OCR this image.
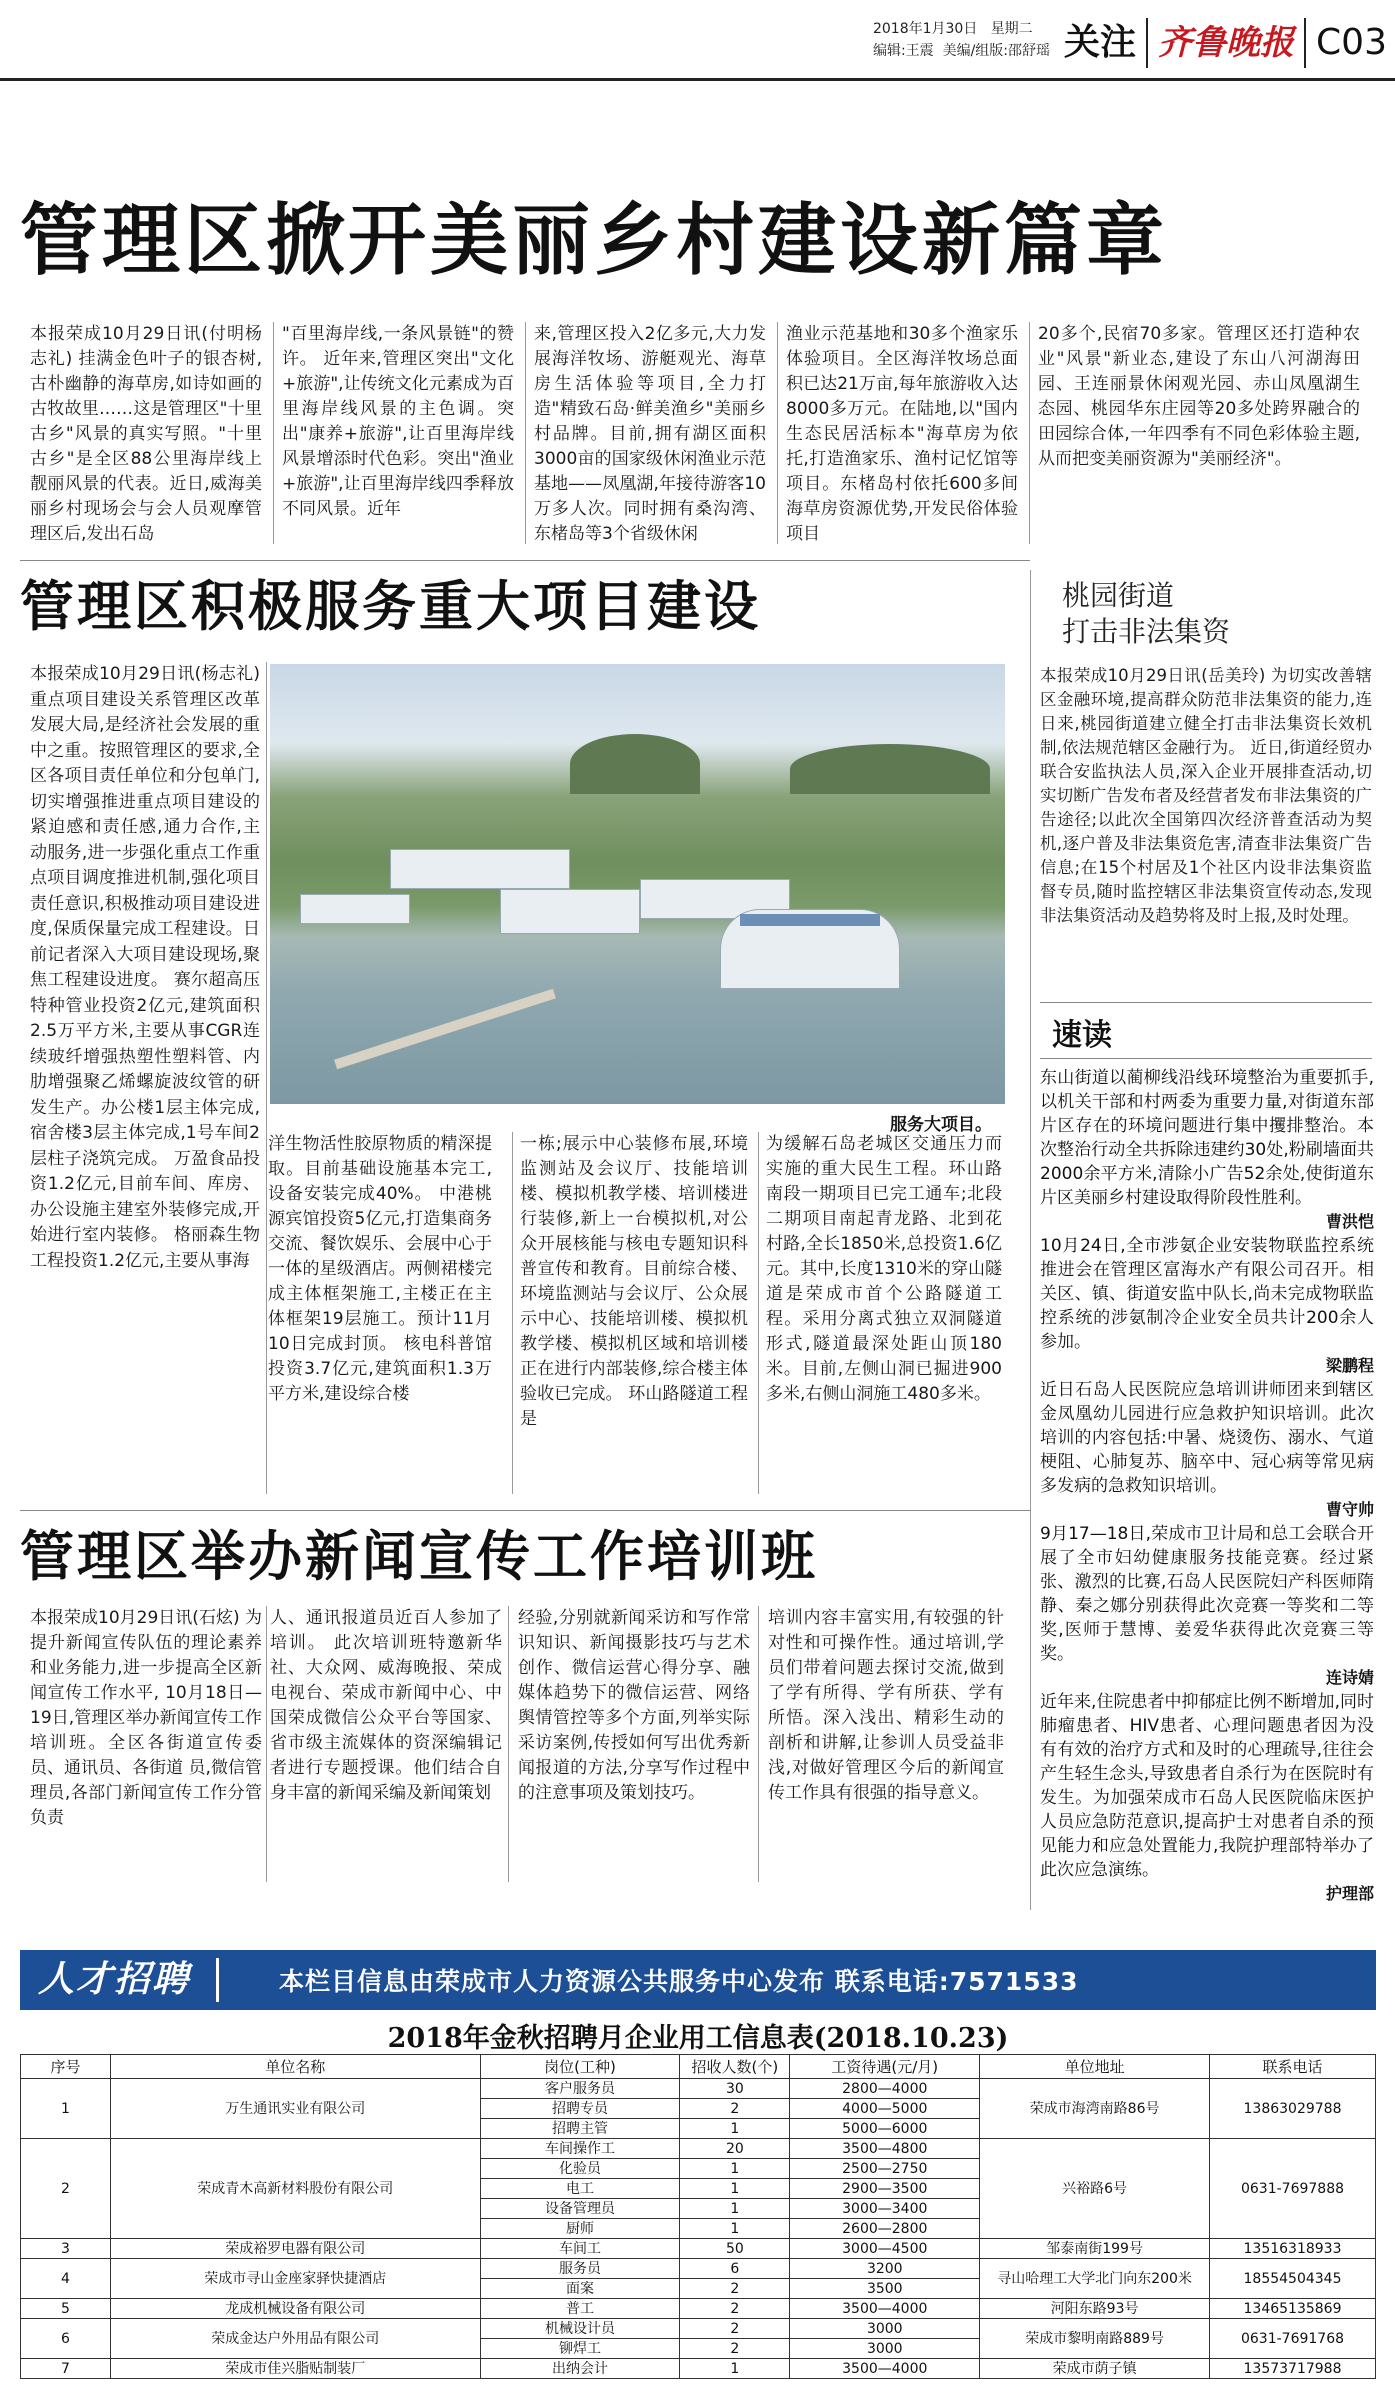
2018年1月30日 星期二
编辑:王震 美编/组版:邵舒瑶 关注 齐鲁晚报 C03
管理区掀开美丽乡村建设新篇章
本报荣成10月29日讯(付明杨志礼) 挂满金色叶子的银杏树,古朴幽静的海草房,如诗如画的古牧故里……这是管理区"十里古乡"风景的真实写照。"十里古乡"是全区88公里海岸线上靓丽风景的代表。近日,威海美丽乡村现场会与会人员观摩管理区后,发出石岛
"百里海岸线,一条风景链"的赞许。 近年来,管理区突出"文化+旅游",让传统文化元素成为百里海岸线风景的主色调。突出"康养+旅游",让百里海岸线风景增添时代色彩。突出"渔业+旅游",让百里海岸线四季释放不同风景。近年
来,管理区投入2亿多元,大力发展海洋牧场、游艇观光、海草房生活体验等项目,全力打造"精致石岛·鲜美渔乡"美丽乡村品牌。目前,拥有湖区面积3000亩的国家级休闲渔业示范基地——凤凰湖,年接待游客10万多人次。同时拥有桑沟湾、东楮岛等3个省级休闲
渔业示范基地和30多个渔家乐体验项目。全区海洋牧场总面积已达21万亩,每年旅游收入达8000多万元。在陆地,以"国内生态民居活标本"海草房为依托,打造渔家乐、渔村记忆馆等项目。东楮岛村依托600多间海草房资源优势,开发民俗体验项目
20多个,民宿70多家。管理区还打造种农业"风景"新业态,建设了东山八河湖海田园、王连丽景休闲观光园、赤山凤凰湖生态园、桃园华东庄园等20多处跨界融合的田园综合体,一年四季有不同色彩体验主题,从而把变美丽资源为"美丽经济"。
管理区积极服务重大项目建设
本报荣成10月29日讯(杨志礼) 重点项目建设关系管理区改革发展大局,是经济社会发展的重中之重。按照管理区的要求,全区各项目责任单位和分包单门,切实增强推进重点项目建设的紧迫感和责任感,通力合作,主动服务,进一步强化重点工作重点项目调度推进机制,强化项目责任意识,积极推动项目建设进度,保质保量完成工程建设。日前记者深入大项目建设现场,聚焦工程建设进度。 赛尔超高压特种管业投资2亿元,建筑面积2.5万平方米,主要从事CGR连续玻纤增强热塑性塑料管、内肋增强聚乙烯螺旋波纹管的研发生产。办公楼1层主体完成,宿舍楼3层主体完成,1号车间2层柱子浇筑完成。 万盈食品投资1.2亿元,目前车间、库房、办公设施主建室外装修完成,开始进行室内装修。 格丽森生物工程投资1.2亿元,主要从事海
服务大项目。
洋生物活性胶原物质的精深提取。目前基础设施基本完工,设备安装完成40%。 中港桃源宾馆投资5亿元,打造集商务交流、餐饮娱乐、会展中心于一体的星级酒店。两侧裙楼完成主体框架施工,主楼正在主体框架19层施工。预计11月10日完成封顶。 核电科普馆投资3.7亿元,建筑面积1.3万平方米,建设综合楼
一栋;展示中心装修布展,环境监测站及会议厅、技能培训楼、模拟机教学楼、培训楼进行装修,新上一台模拟机,对公众开展核能与核电专题知识科普宣传和教育。目前综合楼、环境监测站与会议厅、公众展示中心、技能培训楼、模拟机教学楼、模拟机区域和培训楼正在进行内部装修,综合楼主体验收已完成。 环山路隧道工程是
为缓解石岛老城区交通压力而实施的重大民生工程。环山路南段一期项目已完工通车;北段二期项目南起青龙路、北到花村路,全长1850米,总投资1.6亿元。其中,长度1310米的穿山隧道是荣成市首个公路隧道工程。采用分离式独立双洞隧道形式,隧道最深处距山顶180米。目前,左侧山洞已掘进900多米,右侧山洞施工480多米。
桃园街道
打击非法集资
本报荣成10月29日讯(岳美玲) 为切实改善辖区金融环境,提高群众防范非法集资的能力,连日来,桃园街道建立健全打击非法集资长效机制,依法规范辖区金融行为。 近日,街道经贸办联合安监执法人员,深入企业开展排查活动,切实切断广告发布者及经营者发布非法集资的广告途径;以此次全国第四次经济普查活动为契机,逐户普及非法集资危害,清查非法集资广告信息;在15个村居及1个社区内设非法集资监督专员,随时监控辖区非法集资宣传动态,发现非法集资活动及趋势将及时上报,及时处理。
速读
东山街道以蔺柳线沿线环境整治为重要抓手,以机关干部和村两委为重要力量,对街道东部片区存在的环境问题进行集中攫排整治。本次整治行动全共拆除违建约30处,粉刷墙面共2000余平方米,清除小广告52余处,使街道东片区美丽乡村建设取得阶段性胜利。
曹洪恺
10月24日,全市涉氨企业安装物联监控系统推进会在管理区富海水产有限公司召开。相关区、镇、街道安监中队长,尚未完成物联监控系统的涉氨制冷企业安全员共计200余人参加。
梁鹏程
近日石岛人民医院应急培训讲师团来到辖区金凤凰幼儿园进行应急救护知识培训。此次培训的内容包括:中暑、烧烫伤、溺水、气道梗阻、心肺复苏、脑卒中、冠心病等常见病多发病的急救知识培训。
曹守帅
9月17—18日,荣成市卫计局和总工会联合开展了全市妇幼健康服务技能竞赛。经过紧张、激烈的比赛,石岛人民医院妇产科医师隋静、秦之娜分别获得此次竞赛一等奖和二等奖,医师于慧博、姜爱华获得此次竞赛三等奖。
连诗婧
近年来,住院患者中抑郁症比例不断增加,同时肺瘤患者、HIV患者、心理问题患者因为没有有效的治疗方式和及时的心理疏导,往往会产生轻生念头,导致患者自杀行为在医院时有发生。为加强荣成市石岛人民医院临床医护人员应急防范意识,提高护士对患者自杀的预见能力和应急处置能力,我院护理部特举办了此次应急演练。
护理部
管理区举办新闻宣传工作培训班
本报荣成10月29日讯(石炫) 为提升新闻宣传队伍的理论素养和业务能力,进一步提高全区新闻宣传工作水平, 10月18日—19日,管理区举办新闻宣传工作培训班。全区各街道宣传委员、通讯员、各街道 员,微信管理员,各部门新闻宣传工作分管负责
人、通讯报道员近百人参加了培训。 此次培训班特邀新华社、大众网、威海晚报、荣成电视台、荣成市新闻中心、中国荣成微信公众平台等国家、省市级主流媒体的资深编辑记者进行专题授课。他们结合自身丰富的新闻采编及新闻策划
经验,分别就新闻采访和写作常识知识、新闻摄影技巧与艺术创作、微信运营心得分享、融媒体趋势下的微信运营、网络舆情管控等多个方面,列举实际采访案例,传授如何写出优秀新闻报道的方法,分享写作过程中的注意事项及策划技巧。
培训内容丰富实用,有较强的针对性和可操作性。通过培训,学员们带着问题去探讨交流,做到了学有所得、学有所获、学有所悟。深入浅出、精彩生动的剖析和讲解,让参训人员受益非浅,对做好管理区今后的新闻宣传工作具有很强的指导意义。
人才招聘	本栏目信息由荣成市人力资源公共服务中心发布 联系电话:7571533
2018年金秋招聘月企业用工信息表(2018.10.23)
序号	单位名称	岗位(工种)	招收人数(个)	工资待遇(元/月)	单位地址	联系电话
1	万生通讯实业有限公司	客户服务员	30	2800—4000	荣成市海湾南路86号	13863029788
		招聘专员	2	4000—5000		
		招聘主管	1	5000—6000		
2	荣成青木高新材料股份有限公司	车间操作工	20	3500—4800	兴裕路6号	0631-7697888
		化验员	1	2500—2750		
		电工	1	2900—3500		
		设备管理员	1	3000—3400		
		厨师	1	2600—2800		
3	荣成裕罗电器有限公司	车间工	50	3000—4500	邹泰南街199号	13516318933
4	荣成市寻山金座家驿快捷酒店	服务员	6	3200	寻山哈理工大学北门向东200米	18554504345
		面案	2	3500		
5	龙成机械设备有限公司	普工	2	3500—4000	河阳东路93号	13465135869
6	荣成金达户外用品有限公司	机械设计员	2	3000	荣成市黎明南路889号	0631-7691768
		铆焊工	2	3000		
7	荣成市佳兴脂贴制装厂	出纳会计	1	3500—4000	荣成市荫子镇	13573717988
